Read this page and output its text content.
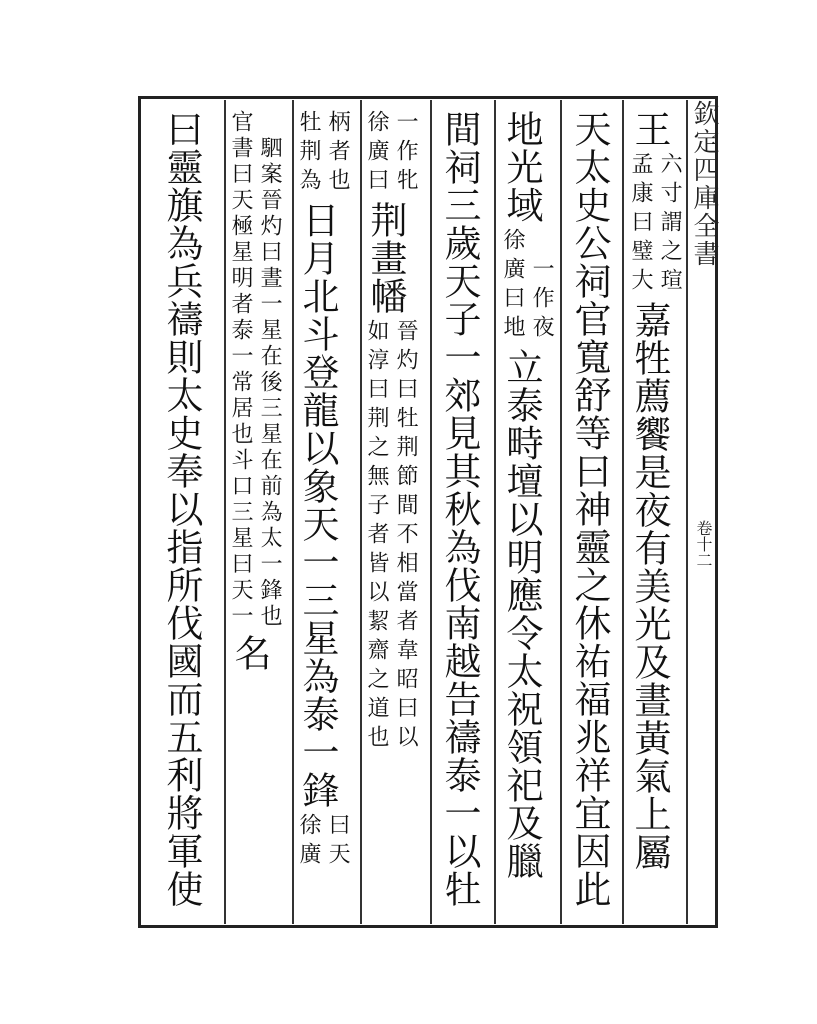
欽定四庫全書
卷十二
王 孟康曰璧大 六寸謂之瑄 嘉牲薦饗是夜有美光及晝黃氣上屬
天太史公祠官寬舒等曰神靈之休祐福兆祥宜因此
地光域 徐廣曰地 一作夜 立泰畤壇以明應令太祝領祀及臘
間祠三歲天子一郊見其秋為伐南越告禱泰一以牡
徐廣曰 一作牝 荆畫幡 如淳曰荆之無子者皆以絜齋之道也 晉灼曰牡荆節間不相當者韋昭曰以
牡荆為 柄者也 日月北斗登龍以象天一三星為泰一鋒 徐廣 曰天
官書曰天極星明者泰一常居也斗口三星曰天一 駟案晉灼曰晝一星在後三星在前為太一鋒也 名
曰靈旗為兵禱則太史奉以指所伐國而五利將軍使
